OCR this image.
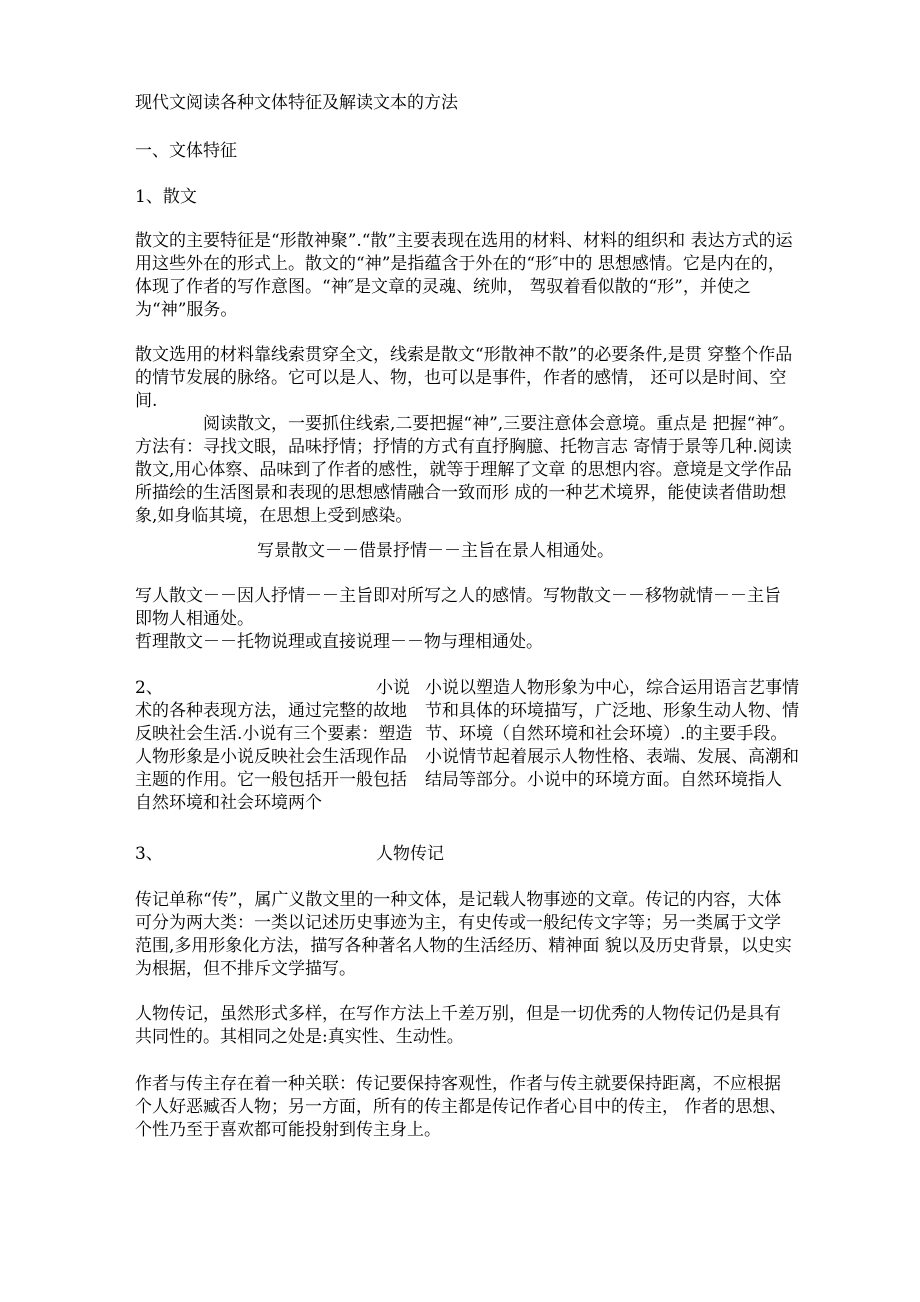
现代文阅读各种文体特征及解读文本的方法
一、文体特征
1、散文

散文的主要特征是“形散神聚”.“散”主要表现在选用的材料、材料的组织和 表达方式的运用这些外在的形式上。散文的“神”是指蕴含于外在的“形″中的 思想感情。它是内在的，体现了作者的写作意图。“神″是文章的灵魂、统帅， 驾驭着看似散的“形”，并使之为“神”服务。

散文选用的材料靠线索贯穿全文，线索是散文“形散神不散”的必要条件,是贯 穿整个作品的情节发展的脉络。它可以是人、物，也可以是事件，作者的感情， 还可以是时间、空间.

阅读散文，一要抓住线索,二要把握“神”,三要注意体会意境。重点是 把握“神″。方法有：寻找文眼，品味抒情；抒情的方式有直抒胸臆、托物言志 寄情于景等几种.阅读散文,用心体察、品味到了作者的感性，就等于理解了文章 的思想内容。意境是文学作品所描绘的生活图景和表现的思想感情融合一致而形 成的一种艺术境界，能使读者借助想象,如身临其境，在思想上受到感染。

写景散文－－借景抒情－－主旨在景人相通处。

写人散文－－因人抒情－－主旨即对所写之人的感情。写物散文－－移物就情－－主旨即物人相通处。

哲理散文－－托物说理或直接说理－－物与理相通处。
2、	小说

术的各种表现方法，通过完整的故地反映社会生活.小说有三个要素：塑造人物形象是小说反映社会生活现作品主题的作用。它一般包括开一般包括自然环境和社会环境两个

小说以塑造人物形象为中心，综合运用语言艺事情节和具体的环境描写，广泛地、形象生动人物、情节、环境（自然环境和社会环境）.的主要手段。小说情节起着展示人物性格、表端、发展、高潮和结局等部分。小说中的环境方面。自然环境指人

3、	人物传记

传记单称“传”，属广义散文里的一种文体，是记载人物事迹的文章。传记的内容，大体可分为两大类：一类以记述历史事迹为主，有史传或一般纪传文字等；另一类属于文学范围,多用形象化方法，描写各种著名人物的生活经历、精神面 貌以及历史背景，以史实为根据，但不排斥文学描写。

人物传记，虽然形式多样，在写作方法上千差万别，但是一切优秀的人物传记仍是具有共同性的。其相同之处是:真实性、生动性。

作者与传主存在着一种关联：传记要保持客观性，作者与传主就要保持距离，不应根据个人好恶臧否人物；另一方面，所有的传主都是传记作者心目中的传主， 作者的思想、个性乃至于喜欢都可能投射到传主身上。
